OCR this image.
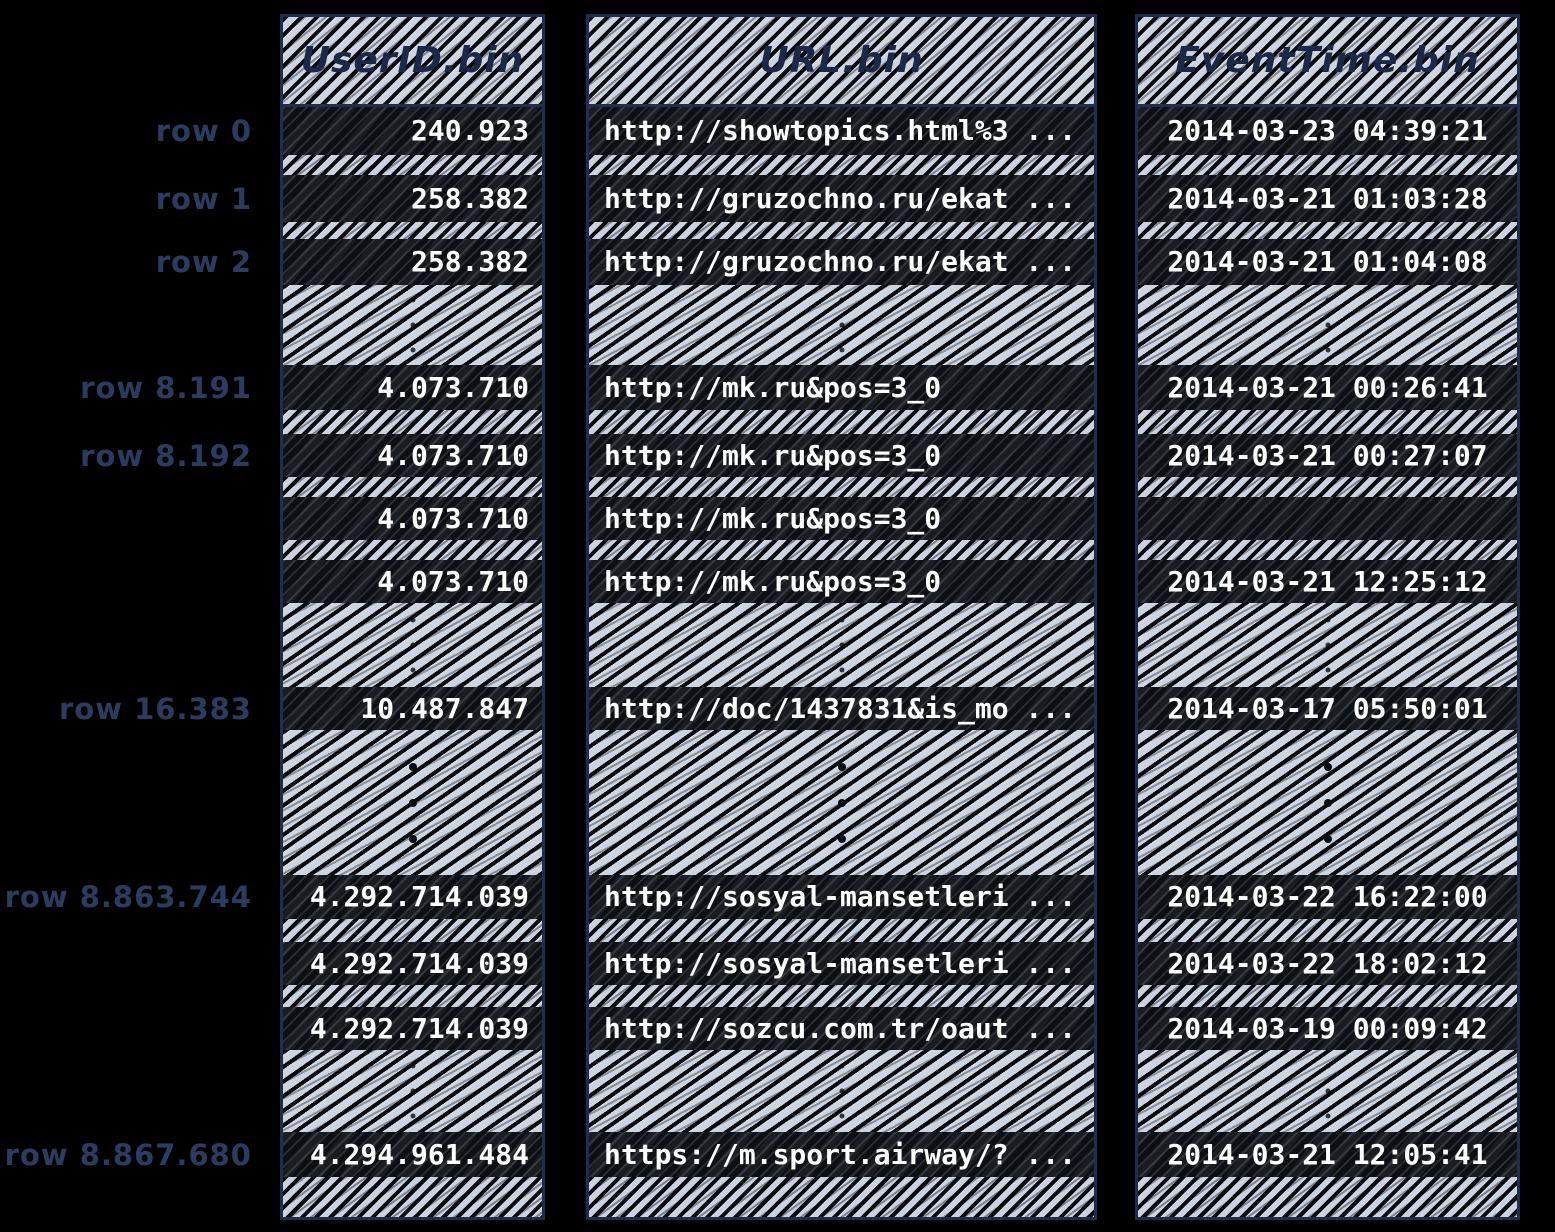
row 0
row 1
row 2
row 8.191
row 8.192
row 16.383
row 8.863.744
row 8.867.680
UserID.bin
240.923
258.382
258.382
4.073.710
4.073.710
4.073.710
4.073.710
10.487.847
4.292.714.039
4.292.714.039
4.292.714.039
4.294.961.484
URL.bin
http://showtopics.html%3 ...
http://gruzochno.ru/ekat ...
http://gruzochno.ru/ekat ...
http://mk.ru&pos=3_0
http://mk.ru&pos=3_0
http://mk.ru&pos=3_0
http://mk.ru&pos=3_0
http://doc/1437831&is_mo ...
http://sosyal-mansetleri ...
http://sosyal-mansetleri ...
http://sozcu.com.tr/oaut ...
https://m.sport.airway/? ...
EventTime.bin
2014-03-23 04:39:21
2014-03-21 01:03:28
2014-03-21 01:04:08
2014-03-21 00:26:41
2014-03-21 00:27:07
2014-03-21 12:25:12
2014-03-17 05:50:01
2014-03-22 16:22:00
2014-03-22 18:02:12
2014-03-19 00:09:42
2014-03-21 12:05:41
